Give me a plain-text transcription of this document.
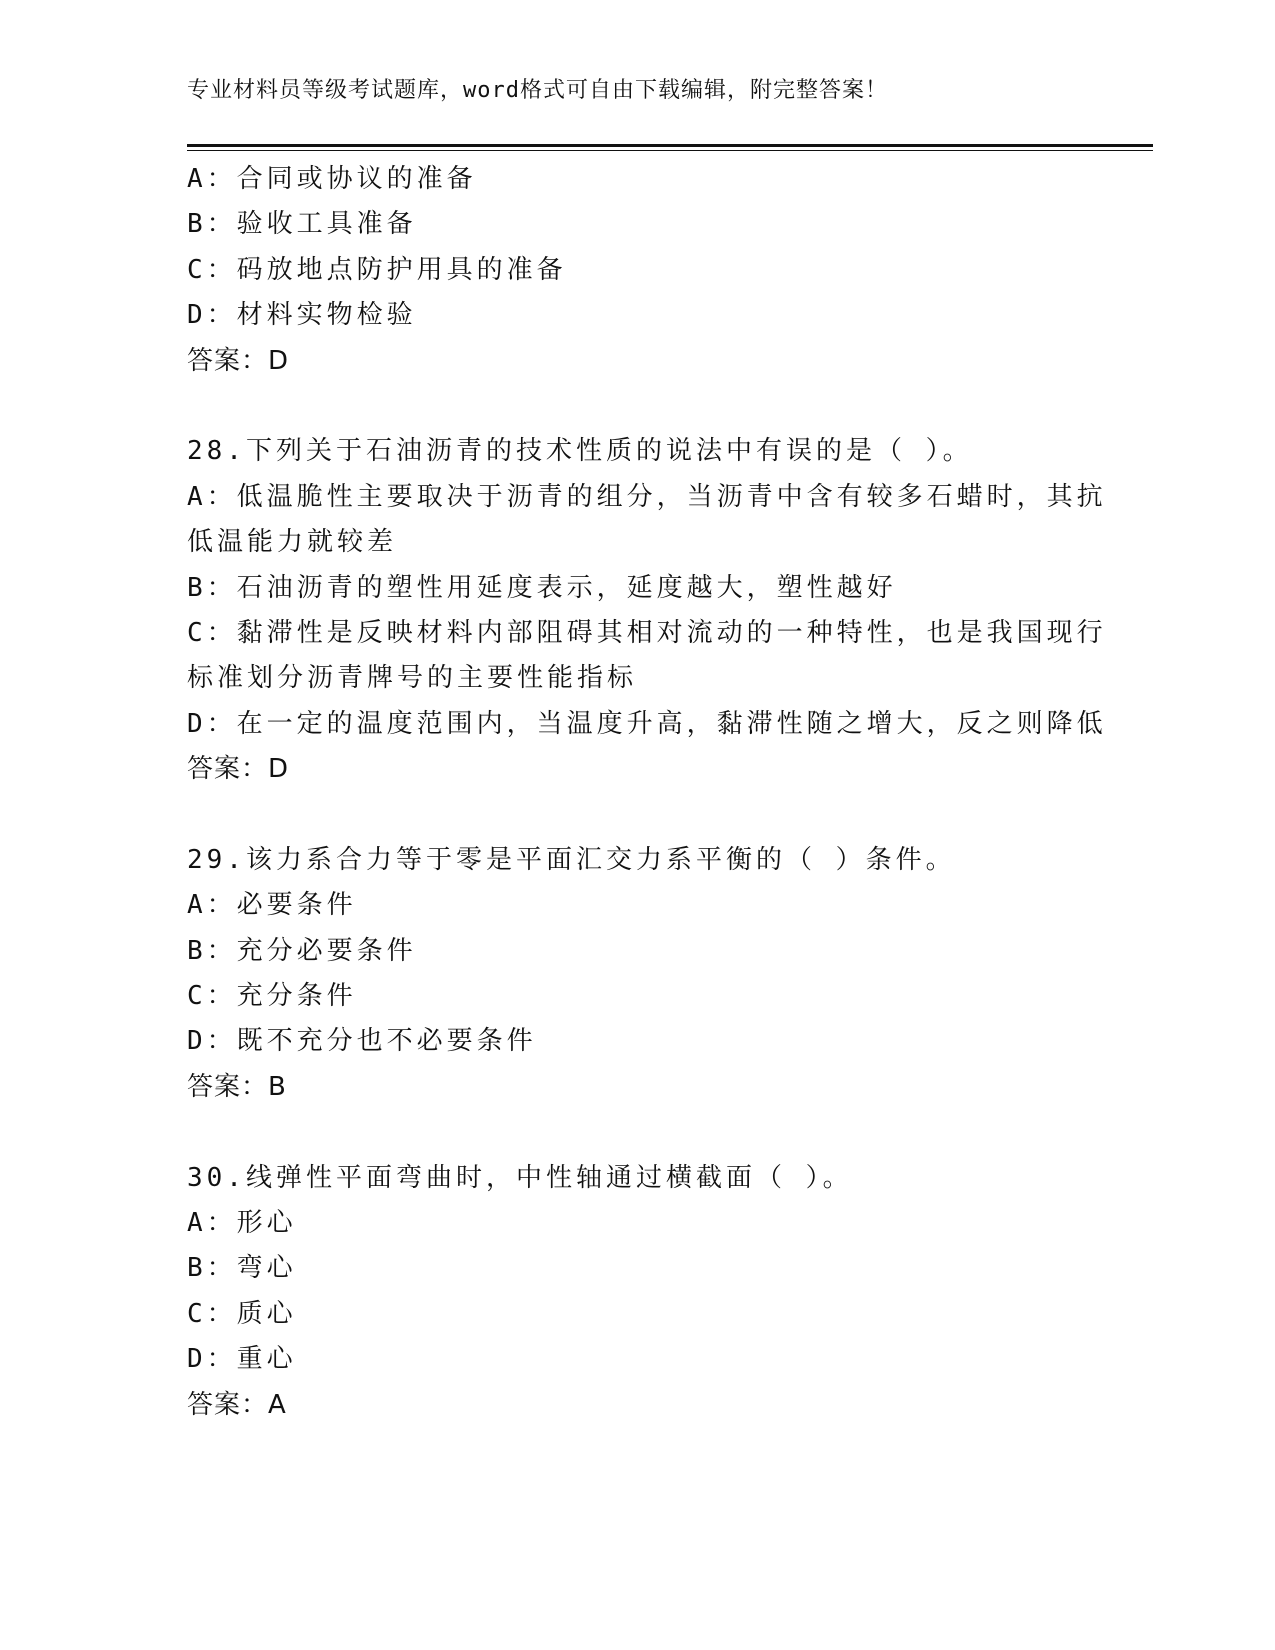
专业材料员等级考试题库，word格式可自由下载编辑，附完整答案！
A：合同或协议的准备
B：验收工具准备
C：码放地点防护用具的准备
D：材料实物检验
答案：D
28.下列关于石油沥青的技术性质的说法中有误的是（ ）。
A：低温脆性主要取决于沥青的组分，当沥青中含有较多石蜡时，其抗
低温能力就较差
B：石油沥青的塑性用延度表示，延度越大，塑性越好
C：黏滞性是反映材料内部阻碍其相对流动的一种特性，也是我国现行
标准划分沥青牌号的主要性能指标
D：在一定的温度范围内，当温度升高，黏滞性随之增大，反之则降低
答案：D
29.该力系合力等于零是平面汇交力系平衡的（ ）条件。
A：必要条件
B：充分必要条件
C：充分条件
D：既不充分也不必要条件
答案：B
30.线弹性平面弯曲时，中性轴通过横截面（ ）。
A：形心
B：弯心
C：质心
D：重心
答案：A
